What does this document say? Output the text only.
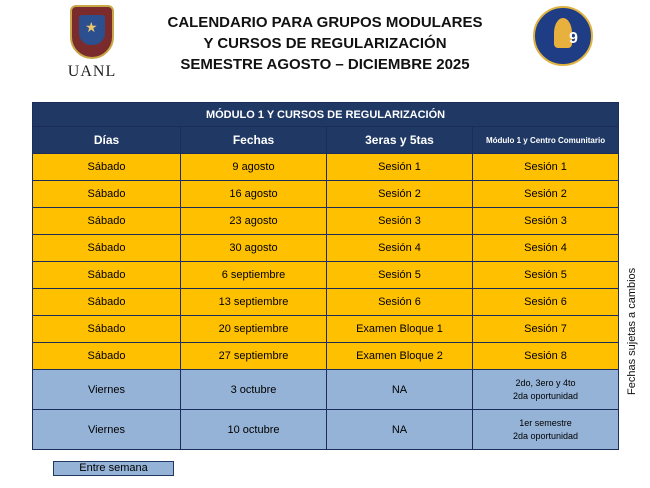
★
UANL
CALENDARIO PARA GRUPOS MODULARES
Y CURSOS DE REGULARIZACIÓN
SEMESTRE AGOSTO – DICIEMBRE 2025
9
MÓDULO 1 Y CURSOS DE REGULARIZACIÓN			
Días	Fechas	3eras y 5tas	Módulo 1 y Centro Comunitario
Sábado	9 agosto	Sesión 1	Sesión 1
Sábado	16 agosto	Sesión 2	Sesión 2
Sábado	23 agosto	Sesión 3	Sesión 3
Sábado	30 agosto	Sesión 4	Sesión 4
Sábado	6 septiembre	Sesión 5	Sesión 5
Sábado	13 septiembre	Sesión 6	Sesión 6
Sábado	20 septiembre	Examen Bloque 1	Sesión 7
Sábado	27 septiembre	Examen Bloque 2	Sesión 8
Viernes	3 octubre	NA	2do, 3ero y 4to
2da oportunidad

Viernes	10 octubre	NA	1er semestre
2da oportunidad
Fechas sujetas a cambios
Entre semana
